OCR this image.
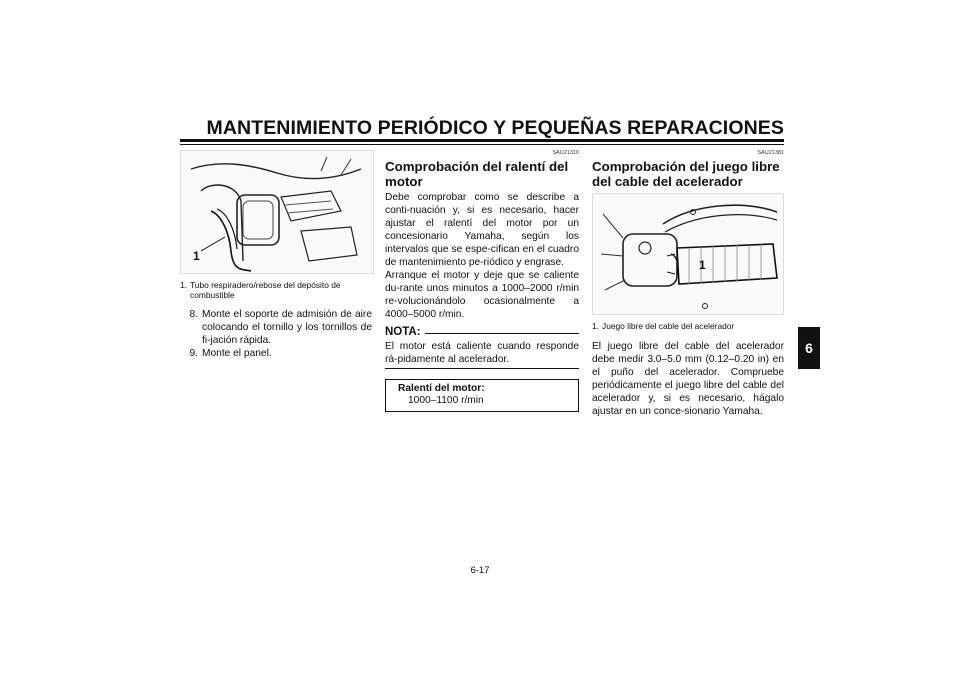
MANTENIMIENTO PERIÓDICO Y PEQUEÑAS REPARACIONES
6
1
1. Tubo respiradero/rebose del depósito de
combustible
8. Monte el soporte de admisión de aire colocando el tornillo y los tornillos de fi-jación rápida.
9. Monte el panel.
SAU21310
Comprobación del ralentí del motor
Debe comprobar como se describe a conti-nuación y, si es necesario, hacer ajustar el ralentí del motor por un concesionario Yamaha, según los intervalos que se espe-cifican en el cuadro de mantenimiento pe-riódico y engrase.
Arranque el motor y deje que se caliente du-rante unos minutos a 1000–2000 r/min re-volucionándolo ocasionalmente a 4000–5000 r/min.
NOTA:
El motor está caliente cuando responde rá-pidamente al acelerador.
Ralentí del motor:
1000–1100 r/min
SAU21381
Comprobación del juego libre del cable del acelerador
1
1. Juego libre del cable del acelerador
El juego libre del cable del acelerador debe medir 3.0–5.0 mm (0.12–0.20 in) en el puño del acelerador. Compruebe periódicamente el juego libre del cable del acelerador y, si es necesario, hágalo ajustar en un conce-sionario Yamaha.
6-17
